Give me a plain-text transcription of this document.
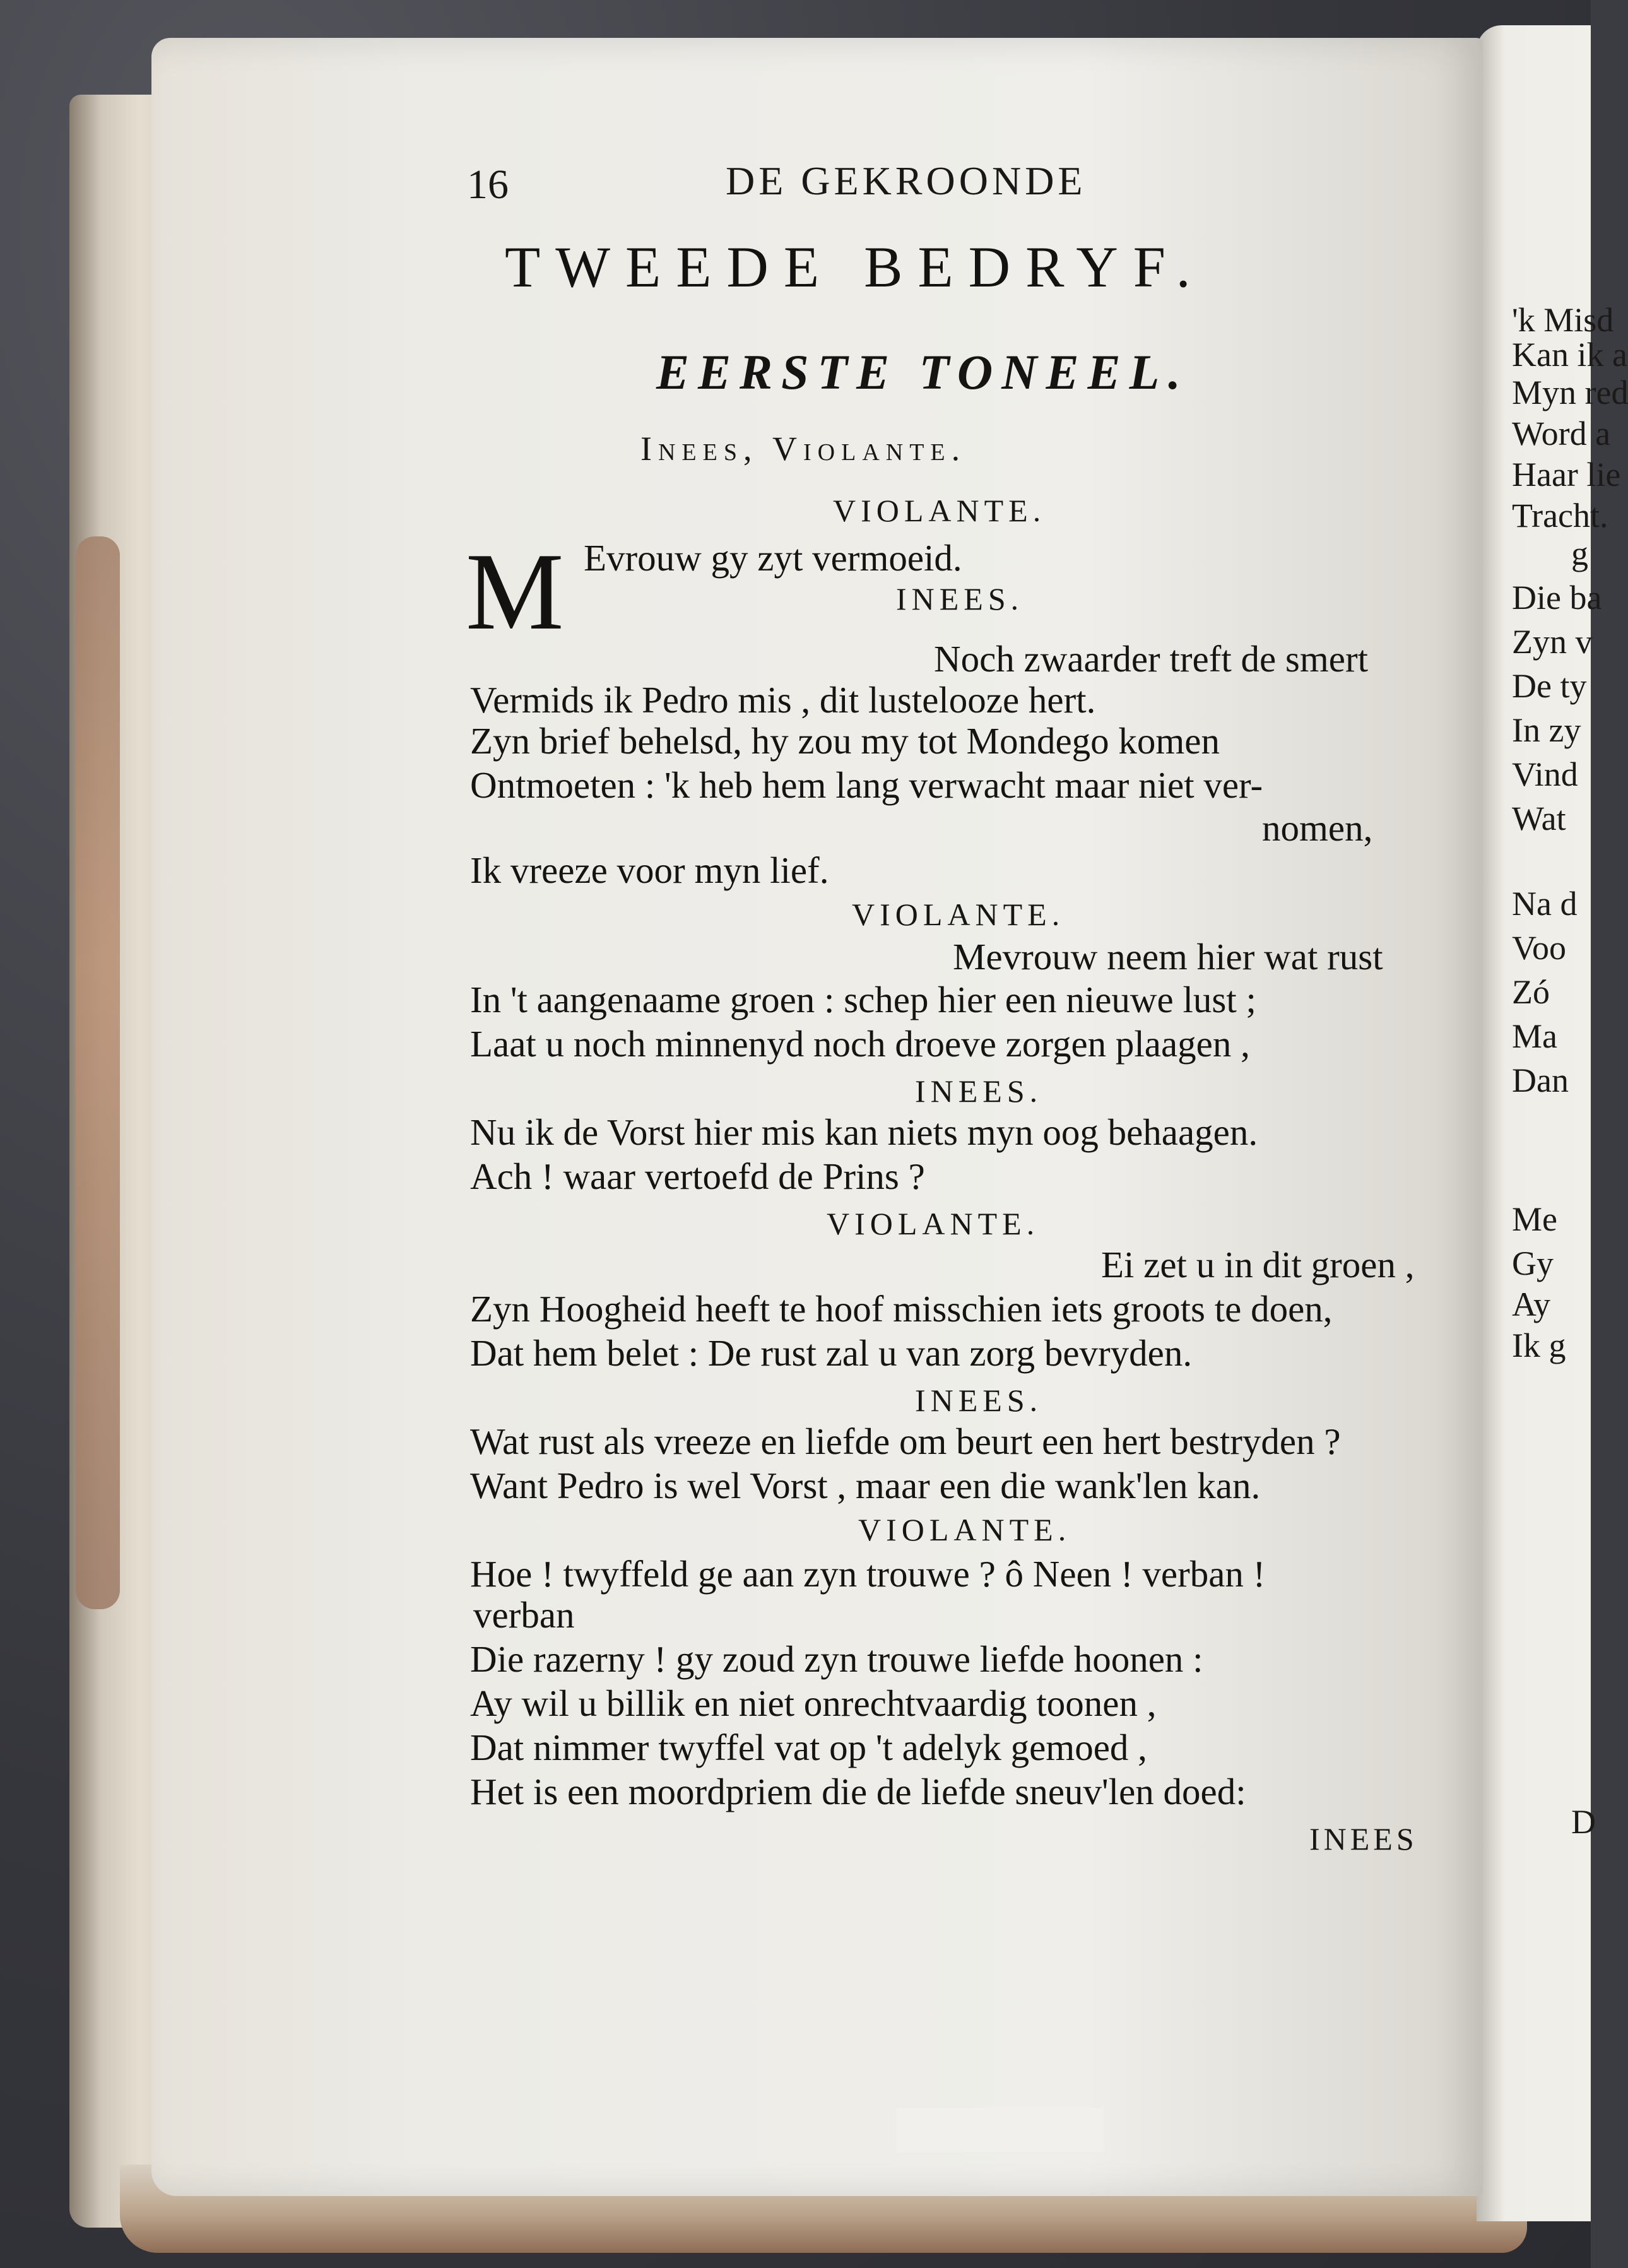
'k Misd
Kan ik a
Myn red
Word a
Haar lie
Tracht.
g
Die ba
Zyn v
De ty
In zy
Vind
Wat
Na d
Voo
Zó
Ma
Dan
Me
Gy
Ay
Ik g
D
16	DE GEKROONDE
TWEEDE BEDRYF.
EERSTE TONEEL.
Inees, Violante.
VIOLANTE.
M Evrouw gy zyt vermoeid.
INEES.
Noch zwaarder treft de smert
Vermids ik Pedro mis , dit lustelooze hert.
Zyn brief behelsd, hy zou my tot Mondego komen
Ontmoeten : 'k heb hem lang verwacht maar niet ver-
nomen,
Ik vreeze voor myn lief.
VIOLANTE.
Mevrouw neem hier wat rust
In 't aangenaame groen : schep hier een nieuwe lust ;
Laat u noch minnenyd noch droeve zorgen plaagen ,
INEES.
Nu ik de Vorst hier mis kan niets myn oog behaagen.
Ach ! waar vertoefd de Prins ?
VIOLANTE.
Ei zet u in dit groen ,
Zyn Hoogheid heeft te hoof misschien iets groots te doen,
Dat hem belet : De rust zal u van zorg bevryden.
INEES.
Wat rust als vreeze en liefde om beurt een hert bestryden ?
Want Pedro is wel Vorst , maar een die wank'len kan.
VIOLANTE.
Hoe ! twyffeld ge aan zyn trouwe ? ô Neen ! verban !
verban
Die razerny ! gy zoud zyn trouwe liefde hoonen :
Ay wil u billik en niet onrechtvaardig toonen ,
Dat nimmer twyffel vat op 't adelyk gemoed ,
Het is een moordpriem die de liefde sneuv'len doed:
INEES
